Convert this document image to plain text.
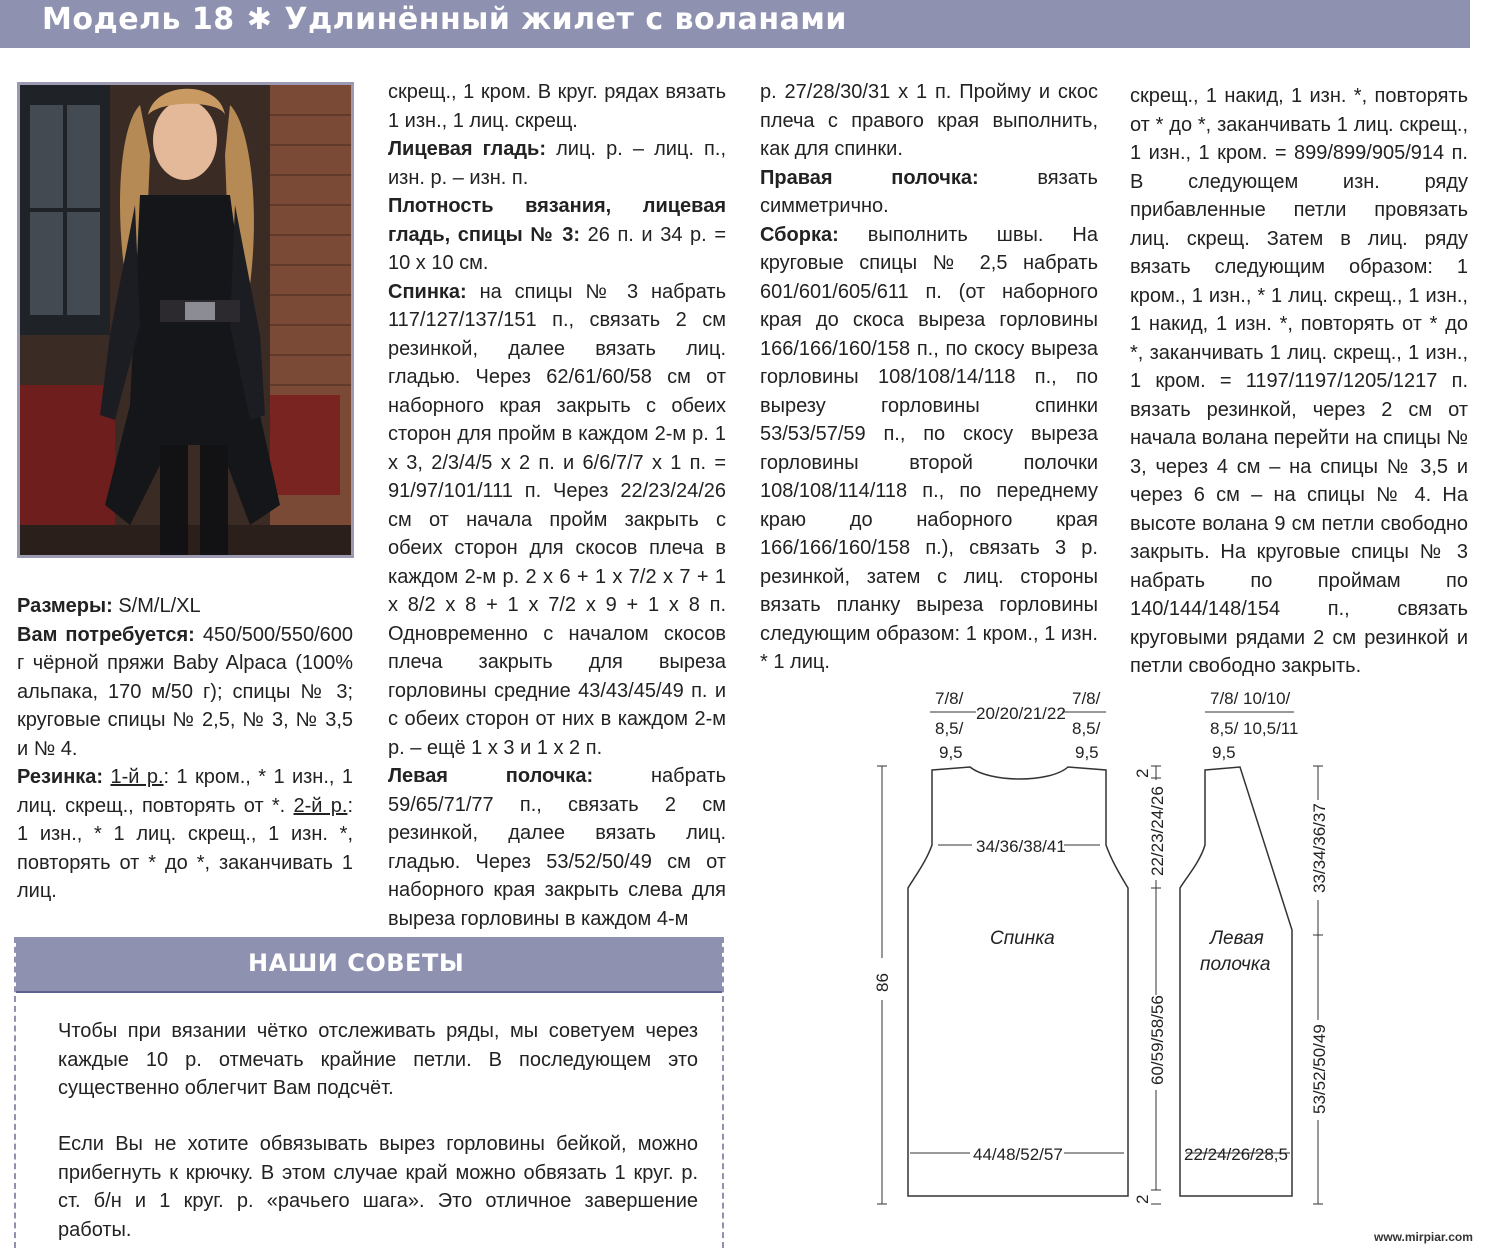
Модель 18 ✱ Удлинённый жилет с воланами

Размеры: S/M/L/XL

Вам потребуется: 450/500/550/600 г чёрной пряжи Baby Alpaca (100% альпака, 170 м/50 г); спицы № 3; круговые спицы № 2,5, № 3, № 3,5 и № 4.

Резинка: 1-й р.: 1 кром., * 1 изн., 1 лиц. скрещ., повторять от *. 2-й р.: 1 изн., * 1 лиц. скрещ., 1 изн. *, повторять от * до *, заканчивать 1 лиц.

скрещ., 1 кром. В круг. рядах вязать 1 изн., 1 лиц. скрещ.

Лицевая гладь: лиц. р. – лиц. п., изн. р. – изн. п.

Плотность вязания, лицевая гладь, спицы № 3: 26 п. и 34 р. = 10 х 10 см.

Спинка: на спицы № 3 набрать 117/127/137/151 п., связать 2 см резинкой, далее вязать лиц. гладью. Через 62/61/60/58 см от наборного края закрыть с обеих сторон для пройм в каждом 2-м р. 1 х 3, 2/3/4/5 х 2 п. и 6/6/7/7 х 1 п. = 91/97/101/111 п. Через 22/23/24/26 см от начала пройм закрыть с обеих сторон для скосов плеча в каждом 2-м р. 2 х 6 + 1 х 7/2 х 7 + 1 х 8/2 х 8 + 1 х 7/2 х 9 + 1 х 8 п. Одновременно с началом скосов плеча закрыть для выреза горловины средние 43/43/45/49 п. и с обеих сторон от них в каждом 2-м р. – ещё 1 х 3 и 1 х 2 п.

Левая полочка: набрать 59/65/71/77 п., связать 2 см резинкой, далее вязать лиц. гладью. Через 53/52/50/49 см от наборного края закрыть слева для выреза горловины в каждом 4-м

р. 27/28/30/31 х 1 п. Пройму и скос плеча с правого края выполнить, как для спинки.

Правая полочка: вязать симметрично.

Сборка: выполнить швы. На круговые спицы № 2,5 набрать 601/601/605/611 п. (от наборного края до скоса выреза горловины 166/166/160/158 п., по скосу выреза горловины 108/108/14/118 п., по вырезу горловины спинки 53/53/57/59 п., по скосу выреза горловины второй полочки 108/108/114/118 п., по переднему краю до наборного края 166/166/160/158 п.), связать 3 р. резинкой, затем с лиц. стороны вязать планку выреза горловины следующим образом: 1 кром., 1 изн. * 1 лиц.

скрещ., 1 накид, 1 изн. *, повторять от * до *, заканчивать 1 лиц. скрещ., 1 изн., 1 кром. = 899/899/905/914 п. В следующем изн. ряду прибавленные петли провязать лиц. скрещ. Затем в лиц. ряду вязать следующим образом: 1 кром., 1 изн., * 1 лиц. скрещ., 1 изн., 1 накид, 1 изн. *, повторять от * до *, заканчивать 1 лиц. скрещ., 1 изн., 1 кром. = 1197/1197/1205/1217 п. вязать резинкой, через 2 см от начала волана перейти на спицы № 3, через 4 см – на спицы № 3,5 и через 6 см – на спицы № 4. На высоте волана 9 см петли свободно закрыть. На круговые спицы № 3 набрать по проймам по 140/144/148/154 п., связать круговыми рядами 2 см резинкой и петли свободно закрыть.

НАШИ СОВЕТЫ
Чтобы при вязании чётко отслеживать ряды, мы советуем через каждые 10 р. отмечать крайние петли. В последующем это существенно облегчит Вам подсчёт.
Если Вы не хотите обвязывать вырез горловины бейкой, можно прибегнуть к крючку. В этом случае край можно обвязать 1 круг. р. ст. б/н и 1 круг. р. «рачьего шага». Это отличное завершение работы.
7/8/
8,5/
9,5
20/20/21/22
7/8/
8,5/
9,5
34/36/38/41
Спинка
44/48/52/57
86
2
22/23/24/26
60/59/58/56
2
7/8/
8,5/
9,5
10/10/
10,5/11
Левая
полочка
22/24/26/28,5
33/34/36/37
53/52/50/49
www.mirpiar.com
